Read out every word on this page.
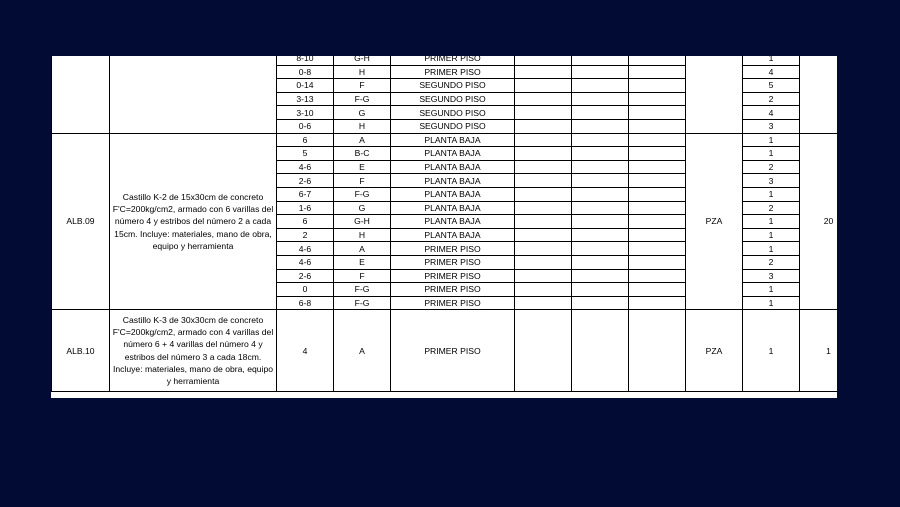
		8-10	G-H	PRIMER PISO					1	
		0-8	H	PRIMER PISO					4	
		0-14	F	SEGUNDO PISO					5	
		3-13	F-G	SEGUNDO PISO					2	
		3-10	G	SEGUNDO PISO					4	
		0-6	H	SEGUNDO PISO					3	
ALB.09	Castillo K-2 de 15x30cm de concreto F'C=200kg/cm2, armado con 6 varillas del número 4 y estribos del número 2 a cada 15cm. Incluye: materiales, mano de obra, equipo y herramienta	6	A	PLANTA BAJA				PZA	1	20
		5	B-C	PLANTA BAJA					1	
		4-6	E	PLANTA BAJA					2	
		2-6	F	PLANTA BAJA					3	
		6-7	F-G	PLANTA BAJA					1	
		1-6	G	PLANTA BAJA					2	
		6	G-H	PLANTA BAJA					1	
		2	H	PLANTA BAJA					1	
		4-6	A	PRIMER PISO					1	
		4-6	E	PRIMER PISO					2	
		2-6	F	PRIMER PISO					3	
		0	F-G	PRIMER PISO					1	
		6-8	F-G	PRIMER PISO					1	
ALB.10	Castillo K-3 de 30x30cm de concreto F'C=200kg/cm2, armado con 4 varillas del número 6 + 4 varillas del número 4 y estribos del número 3 a cada 18cm. Incluye: materiales, mano de obra, equipo y herramienta	4	A	PRIMER PISO				PZA	1	1
